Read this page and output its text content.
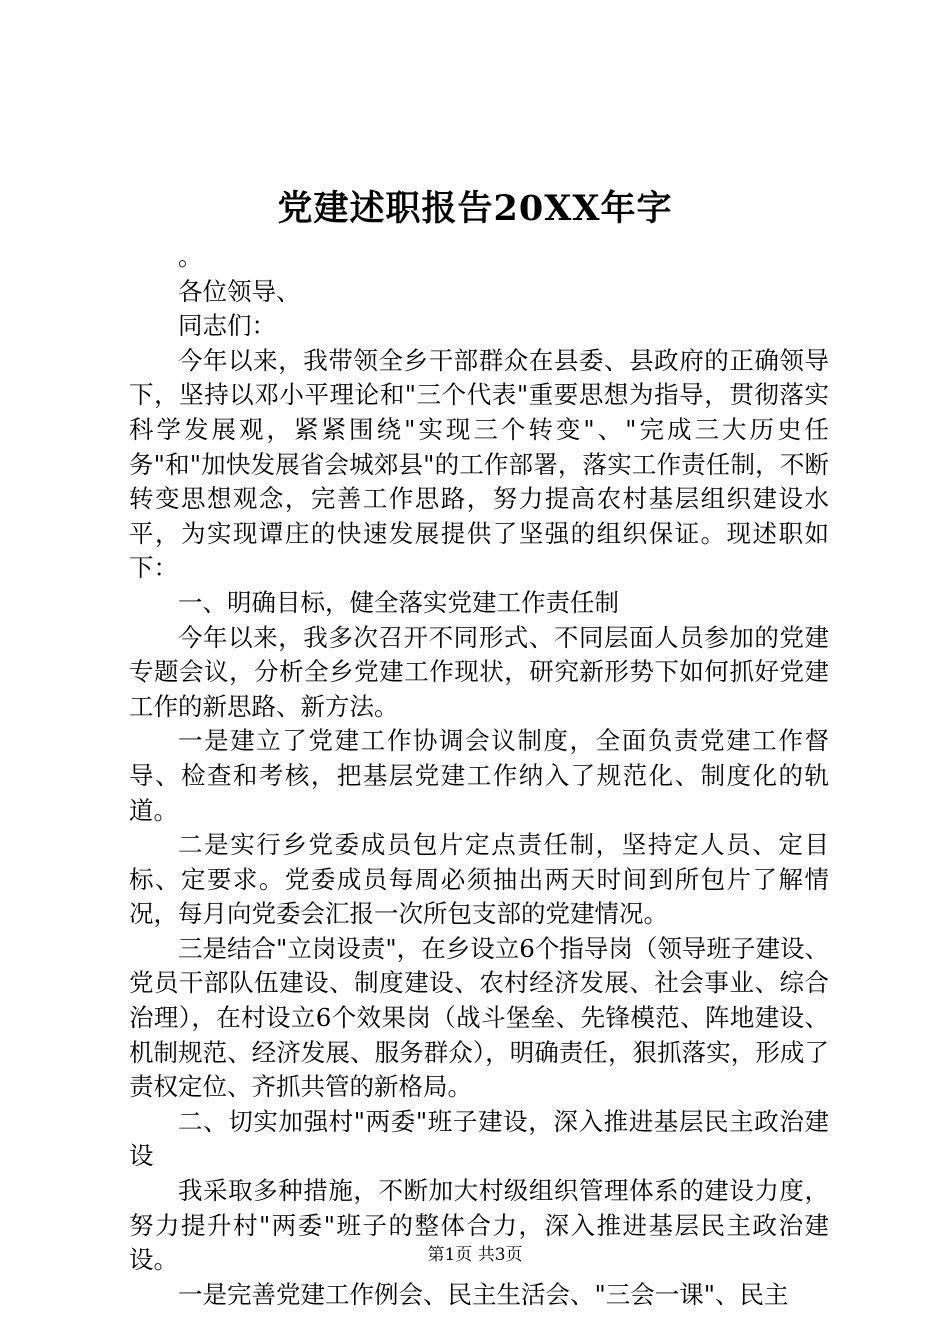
党建述职报告20XX年字

。

各位领导、

同志们：

今年以来，我带领全乡干部群众在县委、县政府的正确领导下，坚持以邓小平理论和"三个代表"重要思想为指导，贯彻落实科学发展观，紧紧围绕"实现三个转变"、"完成三大历史任务"和"加快发展省会城郊县"的工作部署，落实工作责任制，不断转变思想观念，完善工作思路，努力提高农村基层组织建设水平，为实现谭庄的快速发展提供了坚强的组织保证。现述职如下：

一、明确目标，健全落实党建工作责任制

今年以来，我多次召开不同形式、不同层面人员参加的党建专题会议，分析全乡党建工作现状，研究新形势下如何抓好党建工作的新思路、新方法。

一是建立了党建工作协调会议制度，全面负责党建工作督导、检查和考核，把基层党建工作纳入了规范化、制度化的轨道。

二是实行乡党委成员包片定点责任制，坚持定人员、定目标、定要求。党委成员每周必须抽出两天时间到所包片了解情况，每月向党委会汇报一次所包支部的党建情况。

三是结合"立岗设责"，在乡设立6个指导岗（领导班子建设、党员干部队伍建设、制度建设、农村经济发展、社会事业、综合治理），在村设立6个效果岗（战斗堡垒、先锋模范、阵地建设、机制规范、经济发展、服务群众），明确责任，狠抓落实，形成了责权定位、齐抓共管的新格局。

二、切实加强村"两委"班子建设，深入推进基层民主政治建设

我采取多种措施，不断加大村级组织管理体系的建设力度，努力提升村"两委"班子的整体合力，深入推进基层民主政治建设。

一是完善党建工作例会、民主生活会、"三会一课"、民主

第1页 共3页
